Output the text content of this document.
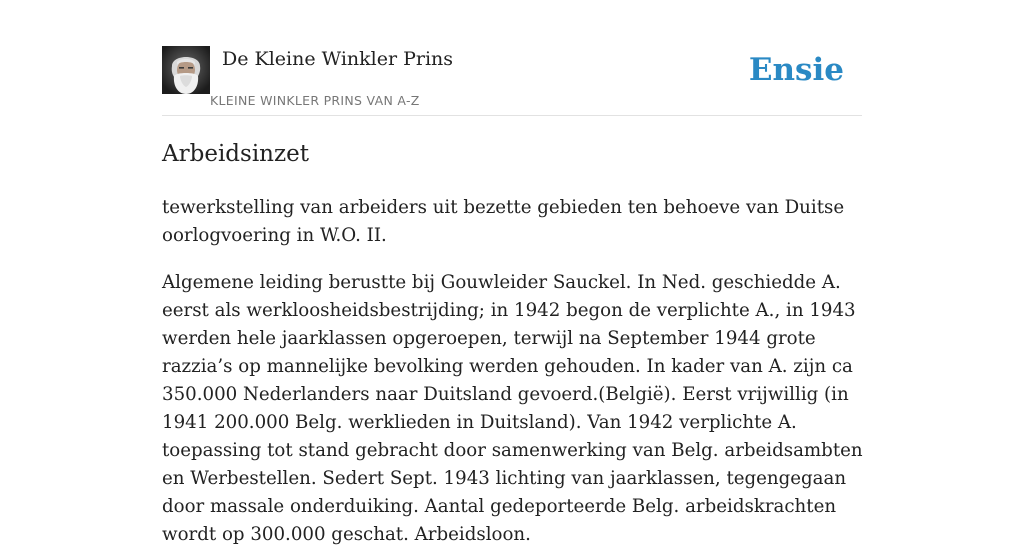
De Kleine Winkler Prins
KLEINE WINKLER PRINS VAN A-Z
Ensie
Arbeidsinzet

tewerkstelling van arbeiders uit bezette gebieden ten behoeve van Duitse oorlogvoering in W.O. II.

Algemene leiding berustte bij Gouwleider Sauckel. In Ned. geschiedde A. eerst als werkloosheidsbestrijding; in 1942 begon de verplichte A., in 1943 werden hele jaarklassen opgeroepen, terwijl na September 1944 grote razzia’s op mannelijke bevolking werden gehouden. In kader van A. zijn ca 350.000 Nederlanders naar Duitsland gevoerd.(België). Eerst vrijwillig (in 1941 200.000 Belg. werklieden in Duitsland). Van 1942 verplichte A. toepassing tot stand gebracht door samenwerking van Belg. arbeidsambten en Werbestellen. Sedert Sept. 1943 lichting van jaarklassen, tegengegaan door massale onderduiking. Aantal gedeporteerde Belg. arbeidskrachten wordt op 300.000 geschat. Arbeidsloon.
